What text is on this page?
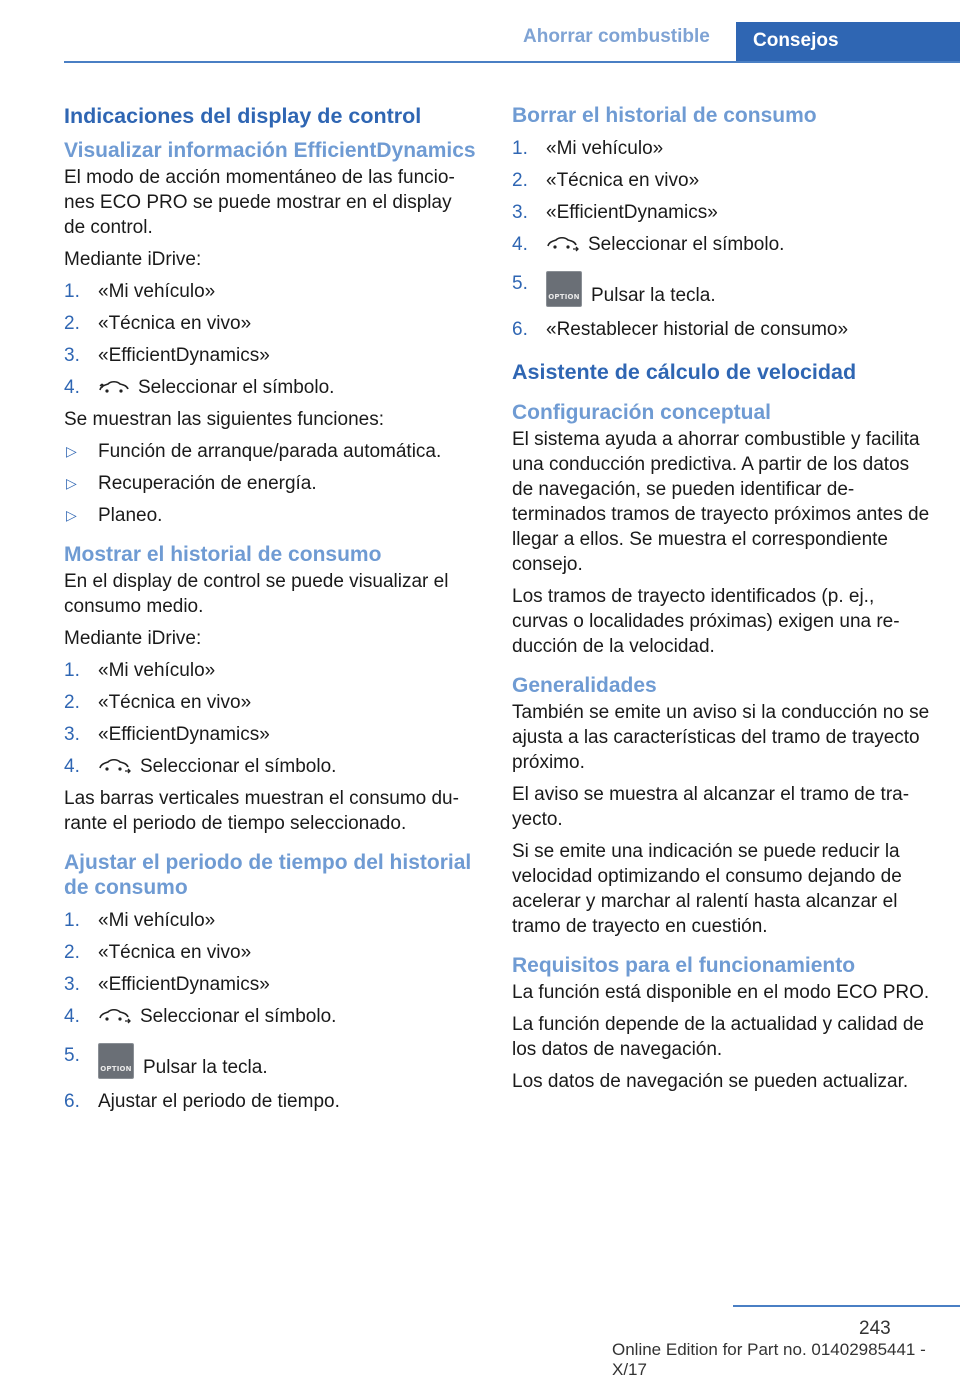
Ahorrar combustible	Consejos
Indicaciones del display de control
Visualizar información EfficientDynamics

El modo de acción momentáneo de las funciones ECO PRO se puede mostrar en el display de control.

Mediante iDrive:

1. «Mi vehículo»
2. «Técnica en vivo»
3. «EfficientDynamics»
4.	Seleccionar el símbolo.

Se muestran las siguientes funciones:

▷ Función de arranque/parada automática.
▷ Recuperación de energía.
▷ Planeo.
Mostrar el historial de consumo

En el display de control se puede visualizar el consumo medio.

Mediante iDrive:

1. «Mi vehículo»
2. «Técnica en vivo»
3. «EfficientDynamics»
4.	Seleccionar el símbolo.

Las barras verticales muestran el consumo durante el periodo de tiempo seleccionado.

Ajustar el periodo de tiempo del historial de consumo
1. «Mi vehículo»
2. «Técnica en vivo»
3. «EfficientDynamics»
4.	Seleccionar el símbolo.
5.
OPTION Pulsar la tecla.
6. Ajustar el periodo de tiempo.
Borrar el historial de consumo
1. «Mi vehículo»
2. «Técnica en vivo»
3. «EfficientDynamics»
4.	Seleccionar el símbolo.
5.
OPTION Pulsar la tecla.
6. «Restablecer historial de consumo»
Asistente de cálculo de velocidad
Configuración conceptual

El sistema ayuda a ahorrar combustible y facilita una conducción predictiva. A partir de los datos de navegación, se pueden identificar determinados tramos de trayecto próximos antes de llegar a ellos. Se muestra el correspondiente consejo.

Los tramos de trayecto identificados (p. ej., curvas o localidades próximas) exigen una reducción de la velocidad.

Generalidades

También se emite un aviso si la conducción no se ajusta a las características del tramo de trayecto próximo.

El aviso se muestra al alcanzar el tramo de trayecto.

Si se emite una indicación se puede reducir la velocidad optimizando el consumo dejando de acelerar y marchar al ralentí hasta alcanzar el tramo de trayecto en cuestión.

Requisitos para el funcionamiento

La función está disponible en el modo ECO PRO.

La función depende de la actualidad y calidad de los datos de navegación.

Los datos de navegación se pueden actualizar.

243
Online Edition for Part no. 01402985441 - X/17
